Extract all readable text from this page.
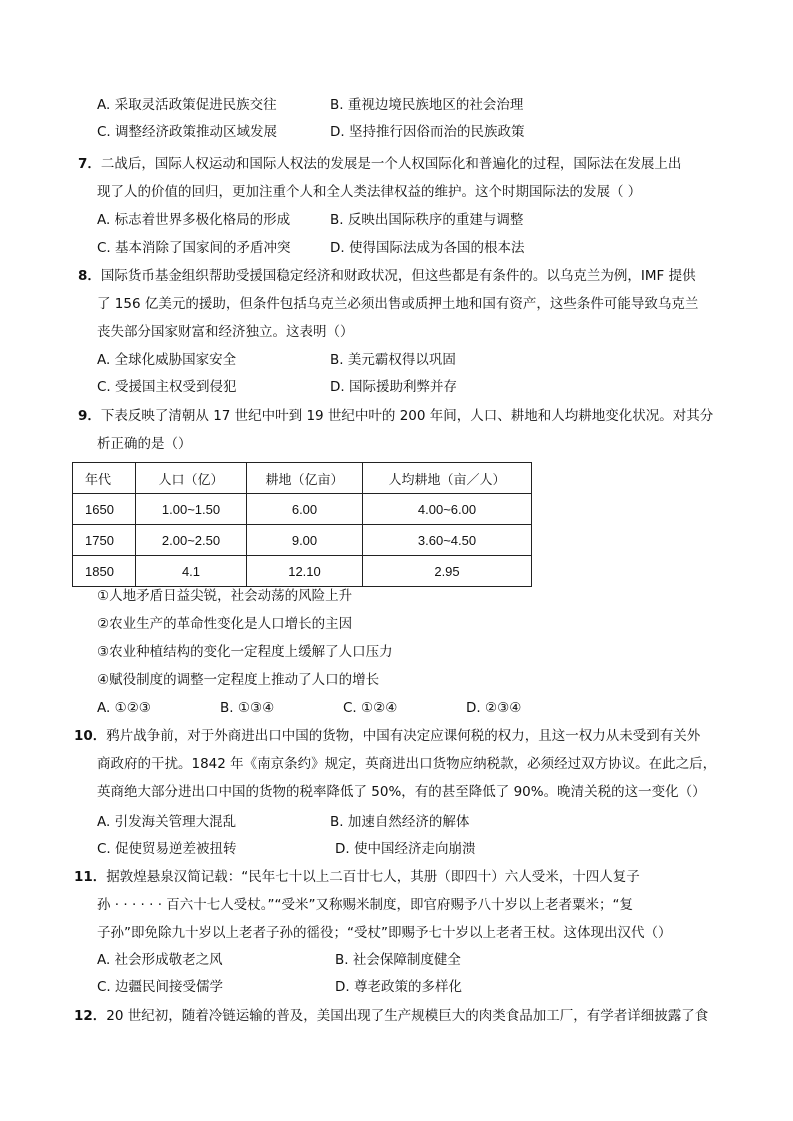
A. 采取灵活政策促进民族交往	B. 重视边境民族地区的社会治理
C. 调整经济政策推动区域发展	D. 坚持推行因俗而治的民族政策
7．二战后，国际人权运动和国际人权法的发展是一个人权国际化和普遍化的过程，国际法在发展上出
现了人的价值的回归，更加注重个人和全人类法律权益的维护。这个时期国际法的发展（ ）
A. 标志着世界多极化格局的形成	B. 反映出国际秩序的重建与调整
C. 基本消除了国家间的矛盾冲突	D. 使得国际法成为各国的根本法
8．国际货币基金组织帮助受援国稳定经济和财政状况，但这些都是有条件的。以乌克兰为例，IMF 提供
了 156 亿美元的援助，但条件包括乌克兰必须出售或质押土地和国有资产，这些条件可能导致乌克兰
丧失部分国家财富和经济独立。这表明（）
A. 全球化威胁国家安全	B. 美元霸权得以巩固
C. 受援国主权受到侵犯	D. 国际援助利弊并存
9．下表反映了清朝从 17 世纪中叶到 19 世纪中叶的 200 年间，人口、耕地和人均耕地变化状况。对其分
析正确的是（）
年代	人口（亿）	耕地（亿亩）	人均耕地（亩／人）
1650	1.00~1.50	6.00	4.00~6.00
1750	2.00~2.50	9.00	3.60~4.50
1850	4.1	12.10	2.95
①人地矛盾日益尖锐，社会动荡的风险上升
②农业生产的革命性变化是人口增长的主因
③农业种植结构的变化一定程度上缓解了人口压力
④赋役制度的调整一定程度上推动了人口的增长
A. ①②③	B. ①③④	C. ①②④	D. ②③④
10．鸦片战争前，对于外商进出口中国的货物，中国有决定应课何税的权力，且这一权力从未受到有关外
商政府的干扰。1842 年《南京条约》规定，英商进出口货物应纳税款，必须经过双方协议。在此之后，
英商绝大部分进出口中国的货物的税率降低了 50%，有的甚至降低了 90%。晚清关税的这一变化（）
A. 引发海关管理大混乱	B. 加速自然经济的解体
C. 促使贸易逆差被扭转	D. 使中国经济走向崩溃
11．据敦煌悬泉汉简记载：“民年七十以上二百廿七人，其册（即四十）六人受米，十四人复子
孙 · · · · · · 百六十七人受杖。”“受米”又称赐米制度，即官府赐予八十岁以上老者粟米；“复
子孙”即免除九十岁以上老者子孙的徭役；“受杖”即赐予七十岁以上老者王杖。这体现出汉代（）
A. 社会形成敬老之风	B. 社会保障制度健全
C. 边疆民间接受儒学	D. 尊老政策的多样化
12．20 世纪初，随着冷链运输的普及，美国出现了生产规模巨大的肉类食品加工厂，有学者详细披露了食
